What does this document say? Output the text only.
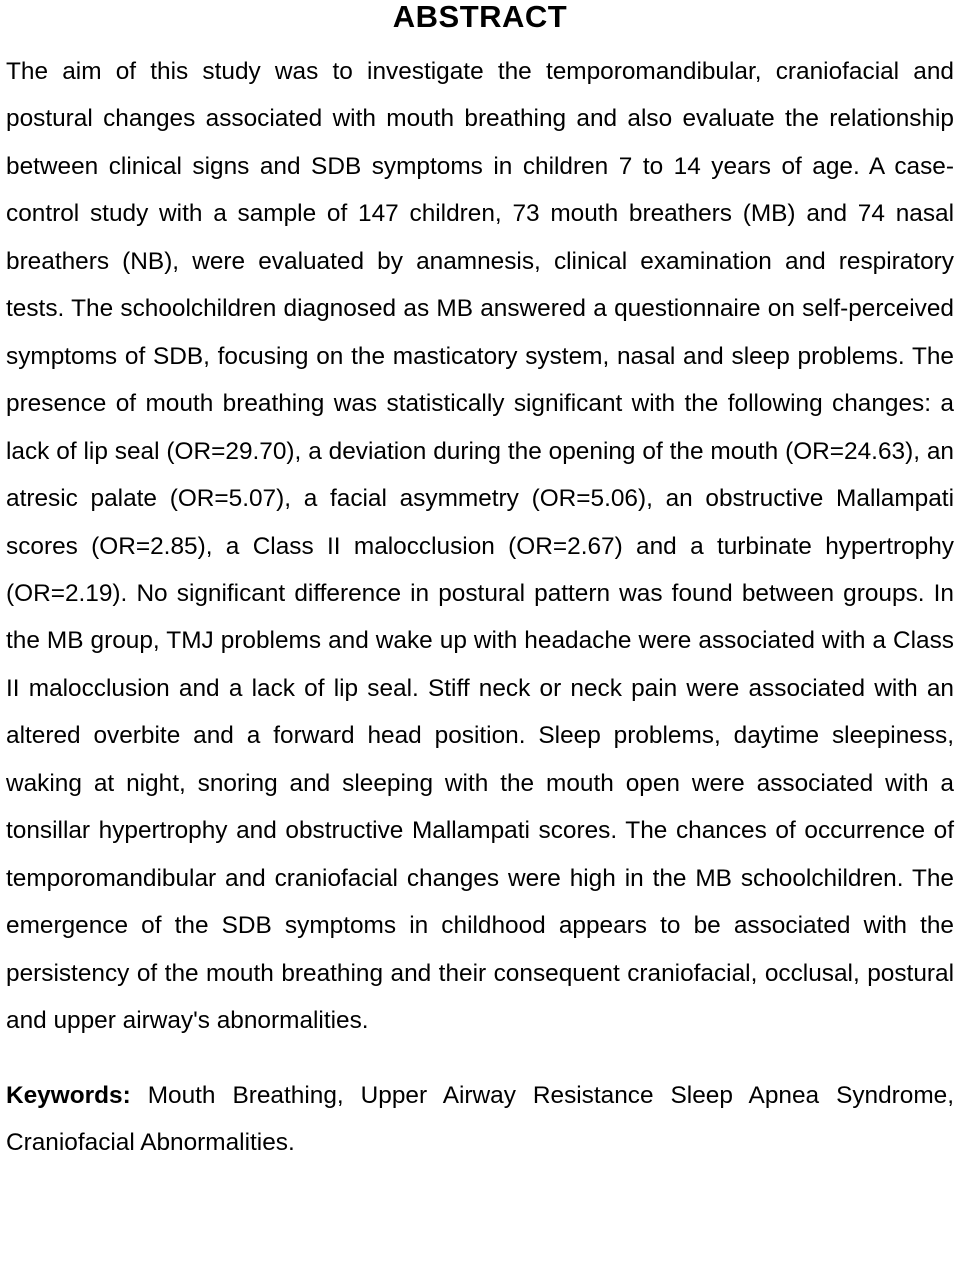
ABSTRACT

The aim of this study was to investigate the temporomandibular, craniofacial and postural changes associated with mouth breathing and also evaluate the relationship between clinical signs and SDB symptoms in children 7 to 14 years of age. A case-control study with a sample of 147 children, 73 mouth breathers (MB) and 74 nasal breathers (NB), were evaluated by anamnesis, clinical examination and respiratory tests. The schoolchildren diagnosed as MB answered a questionnaire on self-perceived symptoms of SDB, focusing on the masticatory system, nasal and sleep problems. The presence of mouth breathing was statistically significant with the following changes: a lack of lip seal (OR=29.70), a deviation during the opening of the mouth (OR=24.63), an atresic palate (OR=5.07), a facial asymmetry (OR=5.06), an obstructive Mallampati scores (OR=2.85), a Class II malocclusion (OR=2.67) and a turbinate hypertrophy (OR=2.19). No significant difference in postural pattern was found between groups. In the MB group, TMJ problems and wake up with headache were associated with a Class II malocclusion and a lack of lip seal. Stiff neck or neck pain were associated with an altered overbite and a forward head position. Sleep problems, daytime sleepiness, waking at night, snoring and sleeping with the mouth open were associated with a tonsillar hypertrophy and obstructive Mallampati scores. The chances of occurrence of temporomandibular and craniofacial changes were high in the MB schoolchildren. The emergence of the SDB symptoms in childhood appears to be associated with the persistency of the mouth breathing and their consequent craniofacial, occlusal, postural and upper airway's abnormalities.

Keywords: Mouth Breathing, Upper Airway Resistance Sleep Apnea Syndrome, Craniofacial Abnormalities.
